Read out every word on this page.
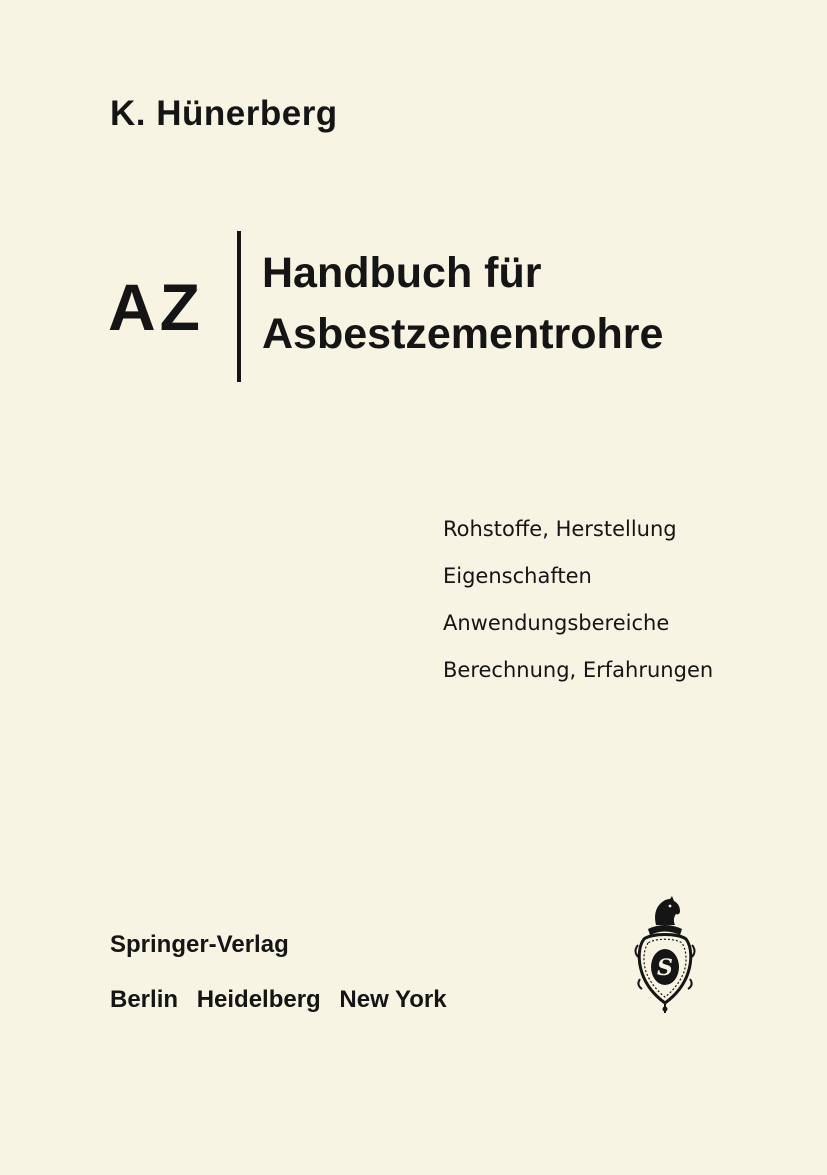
K. Hünerberg
AZ Handbuch für
Asbestzementrohre
Rohstoffe, Herstellung
Eigenschaften
Anwendungsbereiche
Berechnung, Erfahrungen
Springer-Verlag
Berlin Heidelberg New York
S
